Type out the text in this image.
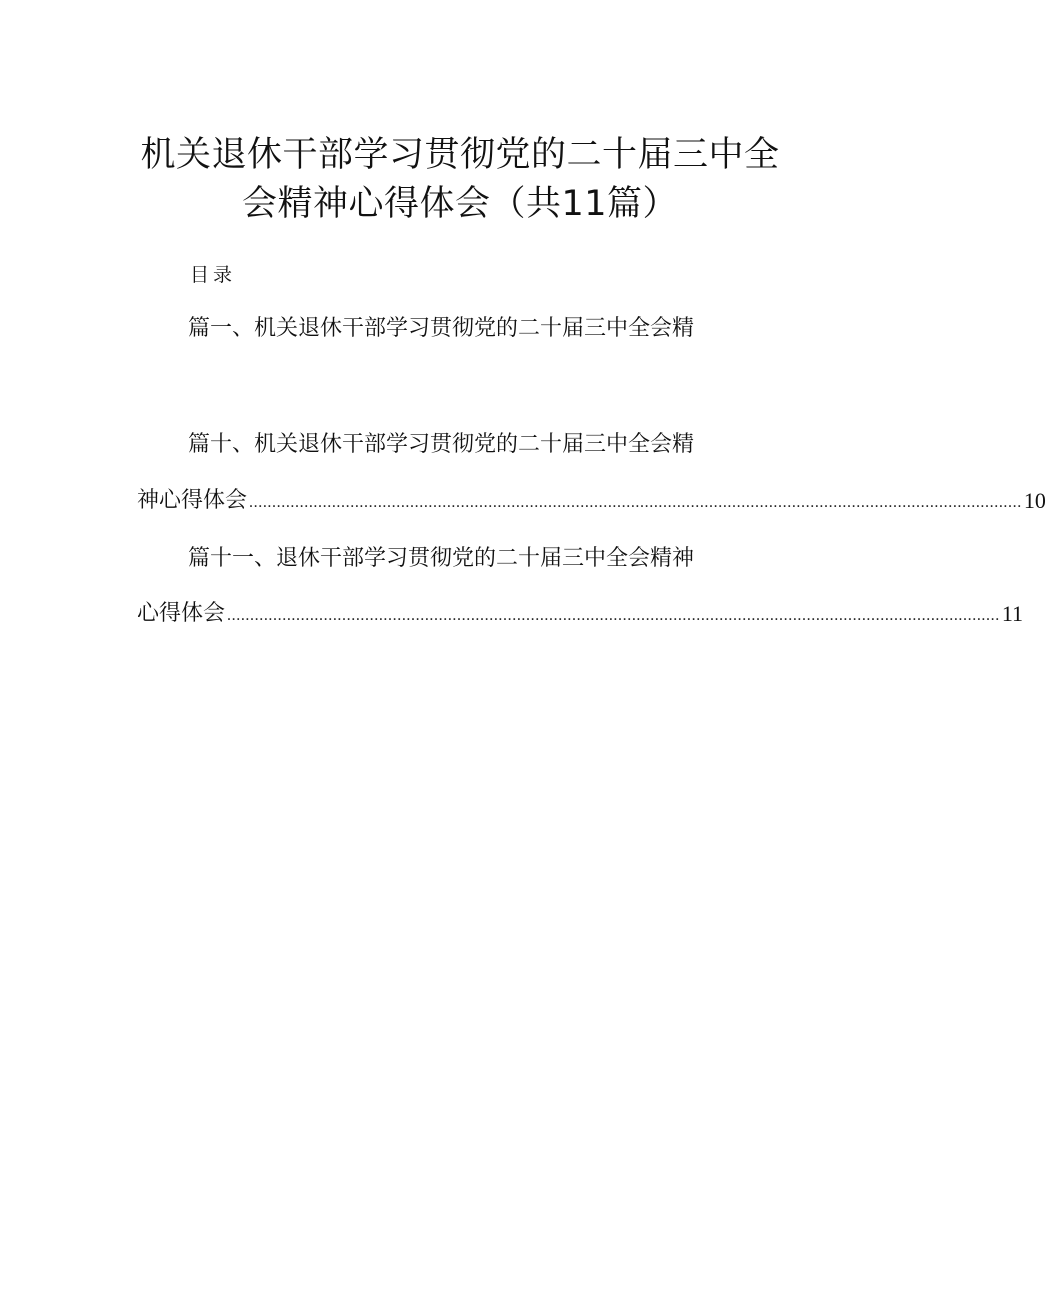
机关退休干部学习贯彻党的二十届三中全
会精神心得体会（共11篇）
目录
篇一、机关退休干部学习贯彻党的二十届三中全会精
篇十、机关退休干部学习贯彻党的二十届三中全会精
神心得体会 ........................................................................................................................................................................ 10
篇十一、退休干部学习贯彻党的二十届三中全会精神
心得体会 ........................................................................................................................................................................ 11
